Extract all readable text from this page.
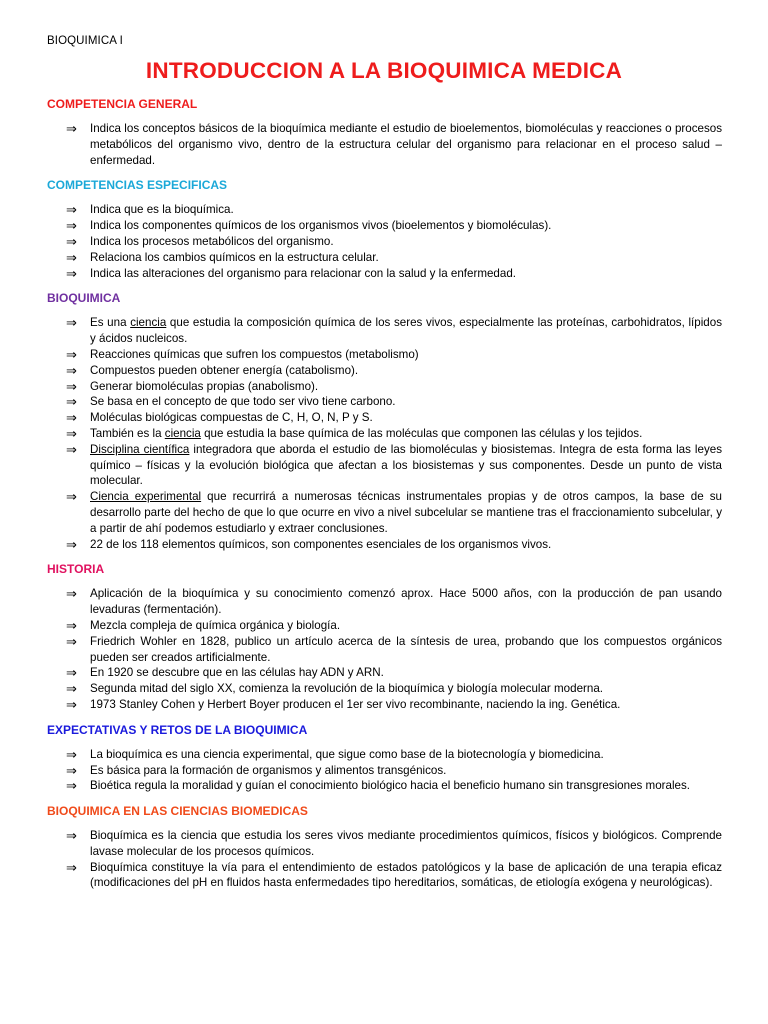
BIOQUIMICA I
INTRODUCCION A LA BIOQUIMICA MEDICA
COMPETENCIA GENERAL
⇒ Indica los conceptos básicos de la bioquímica mediante el estudio de bioelementos, biomoléculas y reacciones o procesos metabólicos del organismo vivo, dentro de la estructura celular del organismo para relacionar en el proceso salud – enfermedad.
COMPETENCIAS ESPECIFICAS
⇒ Indica que es la bioquímica.
⇒ Indica los componentes químicos de los organismos vivos (bioelementos y biomoléculas).
⇒ Indica los procesos metabólicos del organismo.
⇒ Relaciona los cambios químicos en la estructura celular.
⇒ Indica las alteraciones del organismo para relacionar con la salud y la enfermedad.
BIOQUIMICA
⇒ Es una ciencia que estudia la composición química de los seres vivos, especialmente las proteínas, carbohidratos, lípidos y ácidos nucleicos.
⇒ Reacciones químicas que sufren los compuestos (metabolismo)
⇒ Compuestos pueden obtener energía (catabolismo).
⇒ Generar biomoléculas propias (anabolismo).
⇒ Se basa en el concepto de que todo ser vivo tiene carbono.
⇒ Moléculas biológicas compuestas de C, H, O, N, P y S.
⇒ También es la ciencia que estudia la base química de las moléculas que componen las células y los tejidos.
⇒ Disciplina científica integradora que aborda el estudio de las biomoléculas y biosistemas. Integra de esta forma las leyes químico – físicas y la evolución biológica que afectan a los biosistemas y sus componentes. Desde un punto de vista molecular.
⇒ Ciencia experimental que recurrirá a numerosas técnicas instrumentales propias y de otros campos, la base de su desarrollo parte del hecho de que lo que ocurre en vivo a nivel subcelular se mantiene tras el fraccionamiento subcelular, y a partir de ahí podemos estudiarlo y extraer conclusiones.
⇒ 22 de los 118 elementos químicos, son componentes esenciales de los organismos vivos.
HISTORIA
⇒ Aplicación de la bioquímica y su conocimiento comenzó aprox. Hace 5000 años, con la producción de pan usando levaduras (fermentación).
⇒ Mezcla compleja de química orgánica y biología.
⇒ Friedrich Wohler en 1828, publico un artículo acerca de la síntesis de urea, probando que los compuestos orgánicos pueden ser creados artificialmente.
⇒ En 1920 se descubre que en las células hay ADN y ARN.
⇒ Segunda mitad del siglo XX, comienza la revolución de la bioquímica y biología molecular moderna.
⇒ 1973 Stanley Cohen y Herbert Boyer producen el 1er ser vivo recombinante, naciendo la ing. Genética.
EXPECTATIVAS Y RETOS DE LA BIOQUIMICA
⇒ La bioquímica es una ciencia experimental, que sigue como base de la biotecnología y biomedicina.
⇒ Es básica para la formación de organismos y alimentos transgénicos.
⇒ Bioética regula la moralidad y guían el conocimiento biológico hacia el beneficio humano sin transgresiones morales.
BIOQUIMICA EN LAS CIENCIAS BIOMEDICAS
⇒ Bioquímica es la ciencia que estudia los seres vivos mediante procedimientos químicos, físicos y biológicos. Comprende lavase molecular de los procesos químicos.
⇒ Bioquímica constituye la vía para el entendimiento de estados patológicos y la base de aplicación de una terapia eficaz (modificaciones del pH en fluidos hasta enfermedades tipo hereditarios, somáticas, de etiología exógena y neurológicas).
